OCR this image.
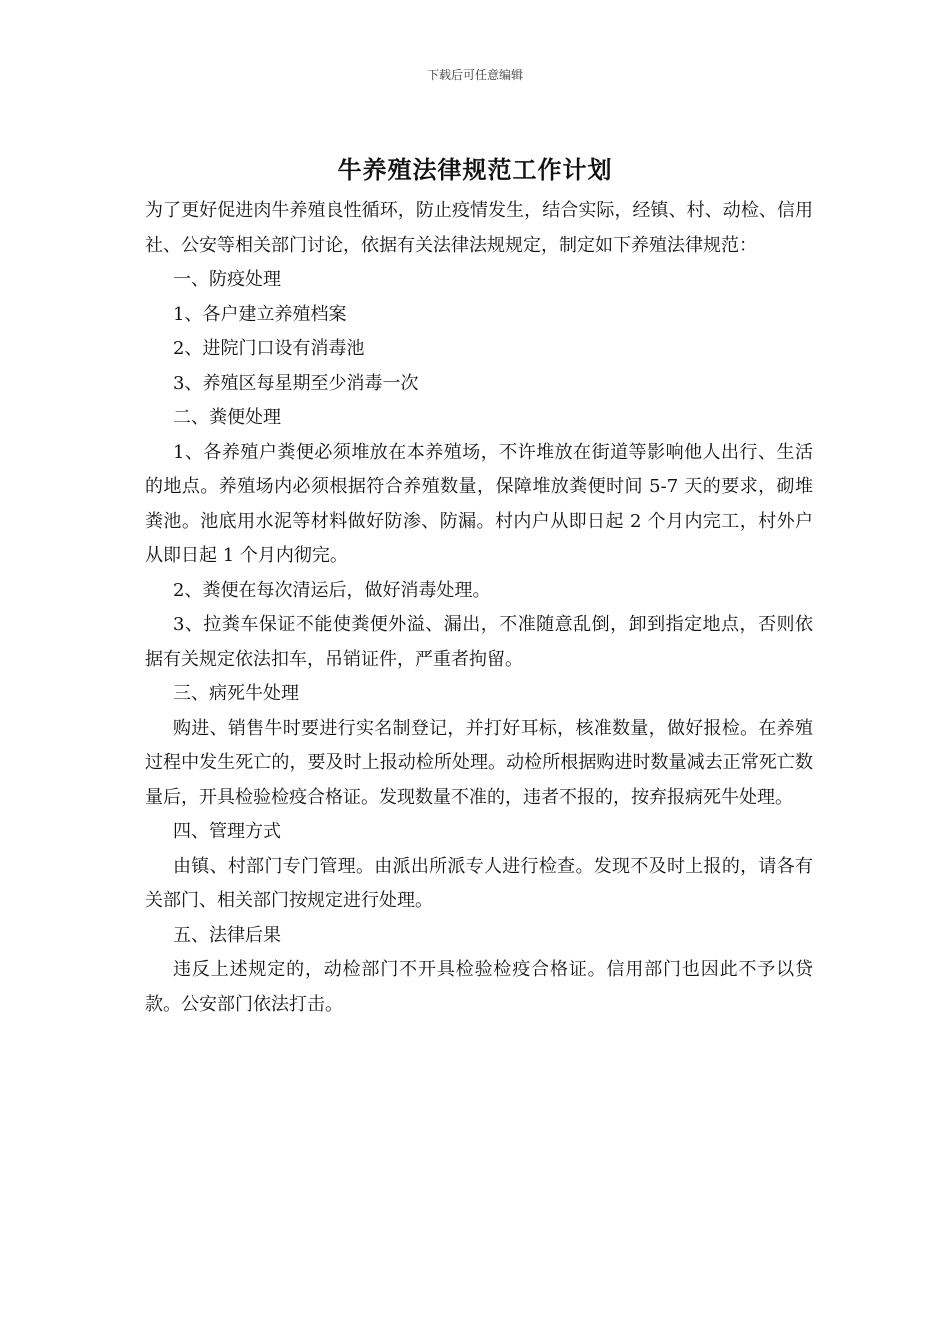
下载后可任意编辑
牛养殖法律规范工作计划

为了更好促进肉牛养殖良性循环，防止疫情发生，结合实际，经镇、村、动检、信用社、公安等相关部门讨论，依据有关法律法规规定，制定如下养殖法律规范：

一、防疫处理

1、各户建立养殖档案

2、进院门口设有消毒池

3、养殖区每星期至少消毒一次

二、粪便处理

1、各养殖户粪便必须堆放在本养殖场，不许堆放在街道等影响他人出行、生活的地点。养殖场内必须根据符合养殖数量，保障堆放粪便时间 5-7 天的要求，砌堆粪池。池底用水泥等材料做好防渗、防漏。村内户从即日起 2 个月内完工，村外户从即日起 1 个月内彻完。

2、粪便在每次清运后，做好消毒处理。

3、拉粪车保证不能使粪便外溢、漏出，不准随意乱倒，卸到指定地点，否则依据有关规定依法扣车，吊销证件，严重者拘留。

三、病死牛处理

购进、销售牛时要进行实名制登记，并打好耳标，核准数量，做好报检。在养殖过程中发生死亡的，要及时上报动检所处理。动检所根据购进时数量减去正常死亡数量后，开具检验检疫合格证。发现数量不准的，违者不报的，按弃报病死牛处理。

四、管理方式

由镇、村部门专门管理。由派出所派专人进行检查。发现不及时上报的，请各有关部门、相关部门按规定进行处理。

五、法律后果

违反上述规定的，动检部门不开具检验检疫合格证。信用部门也因此不予以贷款。公安部门依法打击。
